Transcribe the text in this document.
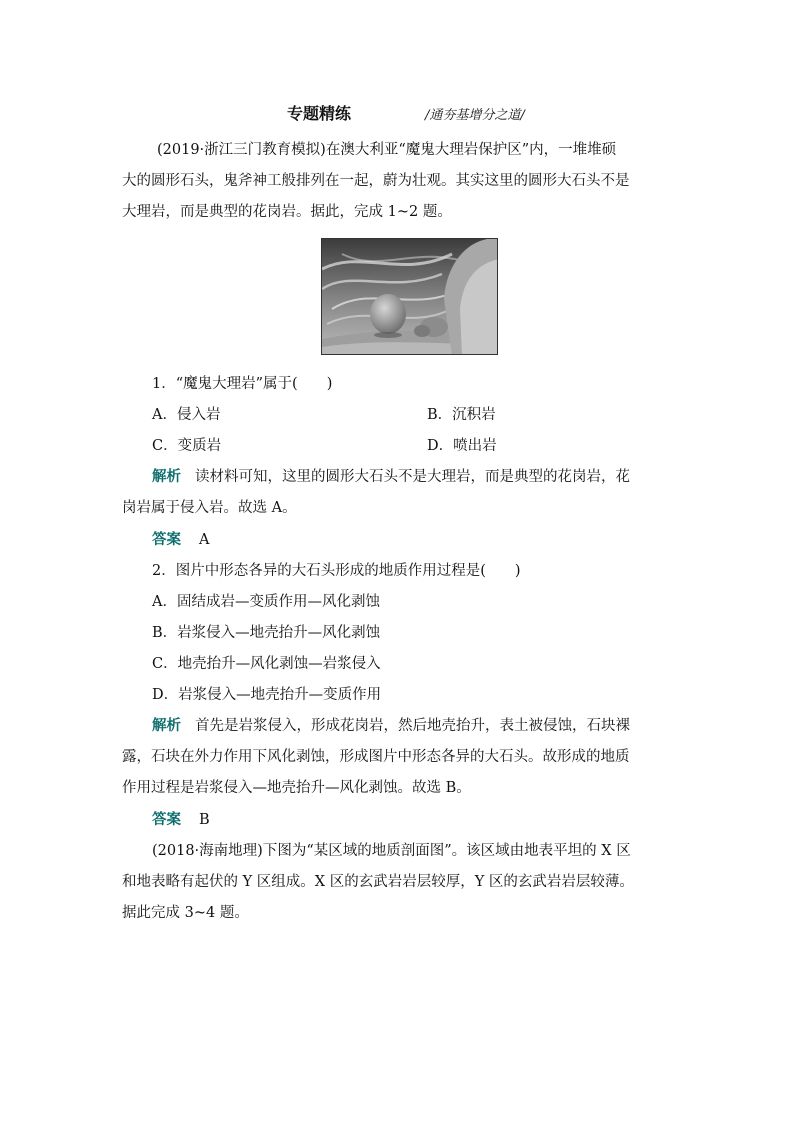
专题精练	/通夯基增分之道/
(2019·浙江三门教育模拟)在澳大利亚“魔鬼大理岩保护区”内，一堆堆硕
大的圆形石头，鬼斧神工般排列在一起，蔚为壮观。其实这里的圆形大石头不是
大理岩，而是典型的花岗岩。据此，完成 1~2 题。
1．“魔鬼大理岩”属于(　　)
A．侵入岩	B．沉积岩
C．变质岩	D．喷出岩
解析 读材料可知，这里的圆形大石头不是大理岩，而是典型的花岗岩，花
岗岩属于侵入岩。故选 A。
答案 A
2．图片中形态各异的大石头形成的地质作用过程是(　　)
A．固结成岩—变质作用—风化剥蚀
B．岩浆侵入—地壳抬升—风化剥蚀
C．地壳抬升—风化剥蚀—岩浆侵入
D．岩浆侵入—地壳抬升—变质作用
解析 首先是岩浆侵入，形成花岗岩，然后地壳抬升，表土被侵蚀，石块裸
露，石块在外力作用下风化剥蚀，形成图片中形态各异的大石头。故形成的地质
作用过程是岩浆侵入—地壳抬升—风化剥蚀。故选 B。
答案 B
(2018·海南地理)下图为“某区域的地质剖面图”。该区域由地表平坦的 X 区
和地表略有起伏的 Y 区组成。X 区的玄武岩岩层较厚，Y 区的玄武岩岩层较薄。
据此完成 3~4 题。
